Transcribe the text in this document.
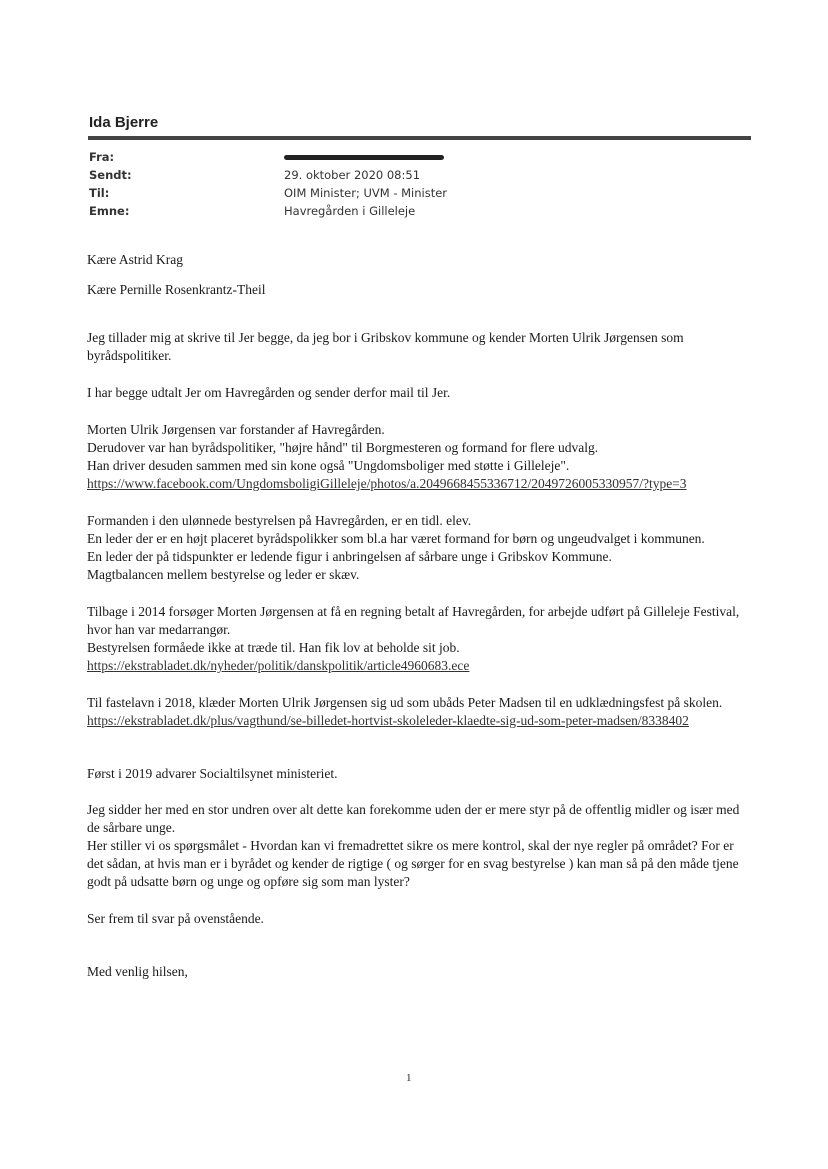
Ida Bjerre
Fra:
Sendt:	29. oktober 2020 08:51
Til:	OIM Minister; UVM - Minister
Emne:	Havregården i Gilleleje

Kære Astrid Krag

Kære Pernille Rosenkrantz-Theil

Jeg tillader mig at skrive til Jer begge, da jeg bor i Gribskov kommune og kender Morten Ulrik Jørgensen som byrådspolitiker.

I har begge udtalt Jer om Havregården og sender derfor mail til Jer.

Morten Ulrik Jørgensen var forstander af Havregården.

Derudover var han byrådspolitiker, "højre hånd" til Borgmesteren og formand for flere udvalg.

Han driver desuden sammen med sin kone også "Ungdomsboliger med støtte i Gilleleje".

https://www.facebook.com/UngdomsboligiGilleleje/photos/a.2049668455336712/2049726005330957/?type=3

Formanden i den ulønnede bestyrelsen på Havregården, er en tidl. elev.

En leder der er en højt placeret byrådspolikker som bl.a har været formand for børn og ungeudvalget i kommunen.

En leder der på tidspunkter er ledende figur i anbringelsen af sårbare unge i Gribskov Kommune.

Magtbalancen mellem bestyrelse og leder er skæv.

Tilbage i 2014 forsøger Morten Jørgensen at få en regning betalt af Havregården, for arbejde udført på Gilleleje Festival, hvor han var medarrangør.

Bestyrelsen formåede ikke at træde til. Han fik lov at beholde sit job.

https://ekstrabladet.dk/nyheder/politik/danskpolitik/article4960683.ece

Til fastelavn i 2018, klæder Morten Ulrik Jørgensen sig ud som ubåds Peter Madsen til en udklædningsfest på skolen.

https://ekstrabladet.dk/plus/vagthund/se-billedet-hortvist-skoleleder-klaedte-sig-ud-som-peter-madsen/8338402

Først i 2019 advarer Socialtilsynet ministeriet.

Jeg sidder her med en stor undren over alt dette kan forekomme uden der er mere styr på de offentlig midler og især med de sårbare unge.

Her stiller vi os spørgsmålet - Hvordan kan vi fremadrettet sikre os mere kontrol, skal der nye regler på området? For er det sådan, at hvis man er i byrådet og kender de rigtige ( og sørger for en svag bestyrelse ) kan man så på den måde tjene godt på udsatte børn og unge og opføre sig som man lyster?

Ser frem til svar på ovenstående.

Med venlig hilsen,

1
